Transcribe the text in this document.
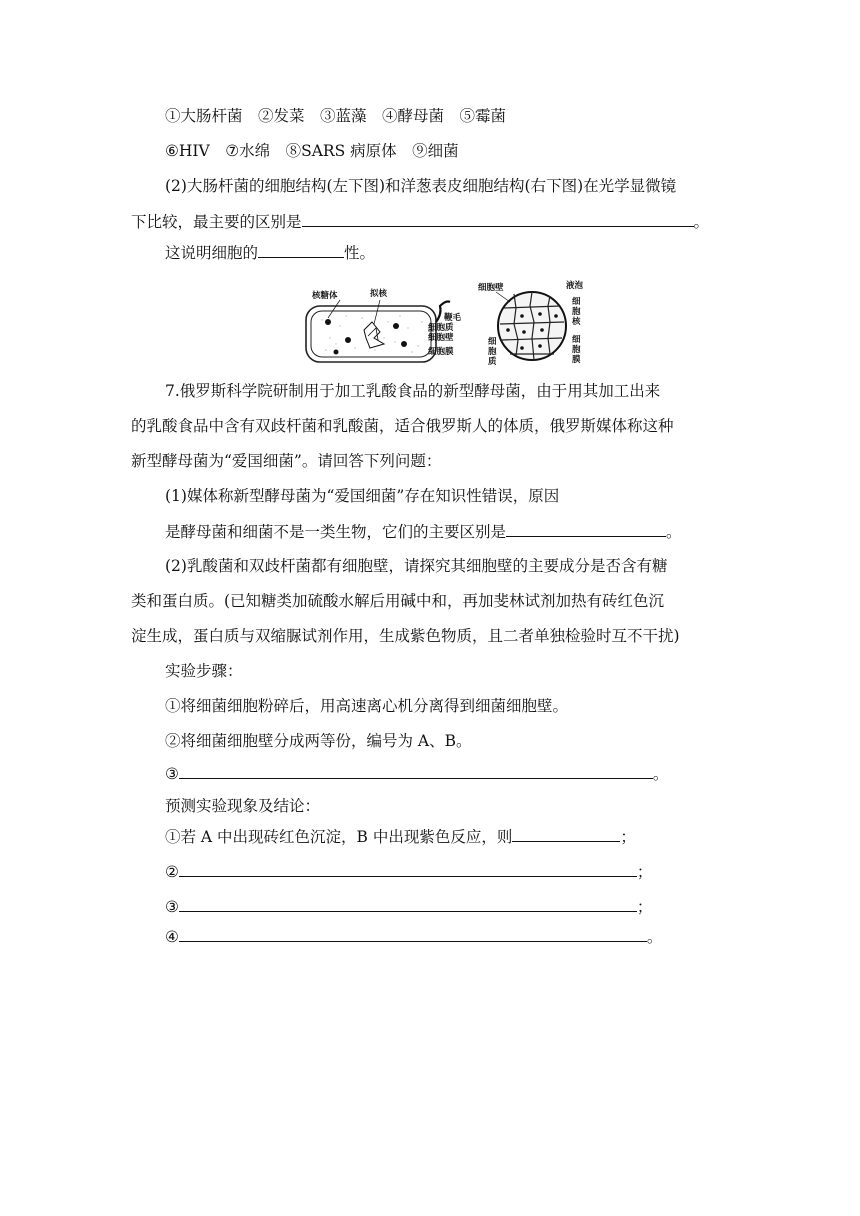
①大肠杆菌　②发菜　③蓝藻　④酵母菌　⑤霉菌
⑥HIV　⑦水绵　⑧SARS 病原体　⑨细菌
(2)大肠杆菌的细胞结构(左下图)和洋葱表皮细胞结构(右下图)在光学显微镜
下比较，最主要的区别是	。
这说明细胞的	性。
核糖体	拟核
鞭毛
细胞质
细胞壁
细胞膜
细胞壁	液泡
细
胞
核
细
胞
质
细
胞
膜
7.俄罗斯科学院研制用于加工乳酸食品的新型酵母菌，由于用其加工出来
的乳酸食品中含有双歧杆菌和乳酸菌，适合俄罗斯人的体质，俄罗斯媒体称这种
新型酵母菌为“爱国细菌”。请回答下列问题：
(1)媒体称新型酵母菌为“爱国细菌”存在知识性错误，原因
是酵母菌和细菌不是一类生物，它们的主要区别是	。
(2)乳酸菌和双歧杆菌都有细胞壁，请探究其细胞壁的主要成分是否含有糖
类和蛋白质。(已知糖类加硫酸水解后用碱中和，再加斐林试剂加热有砖红色沉
淀生成，蛋白质与双缩脲试剂作用，生成紫色物质，且二者单独检验时互不干扰)
实验步骤：
①将细菌细胞粉碎后，用高速离心机分离得到细菌细胞壁。
②将细菌细胞壁分成两等份，编号为 A、B。
③	。
预测实验现象及结论：
①若 A 中出现砖红色沉淀，B 中出现紫色反应，则	；
②	；
③	；
④	。
